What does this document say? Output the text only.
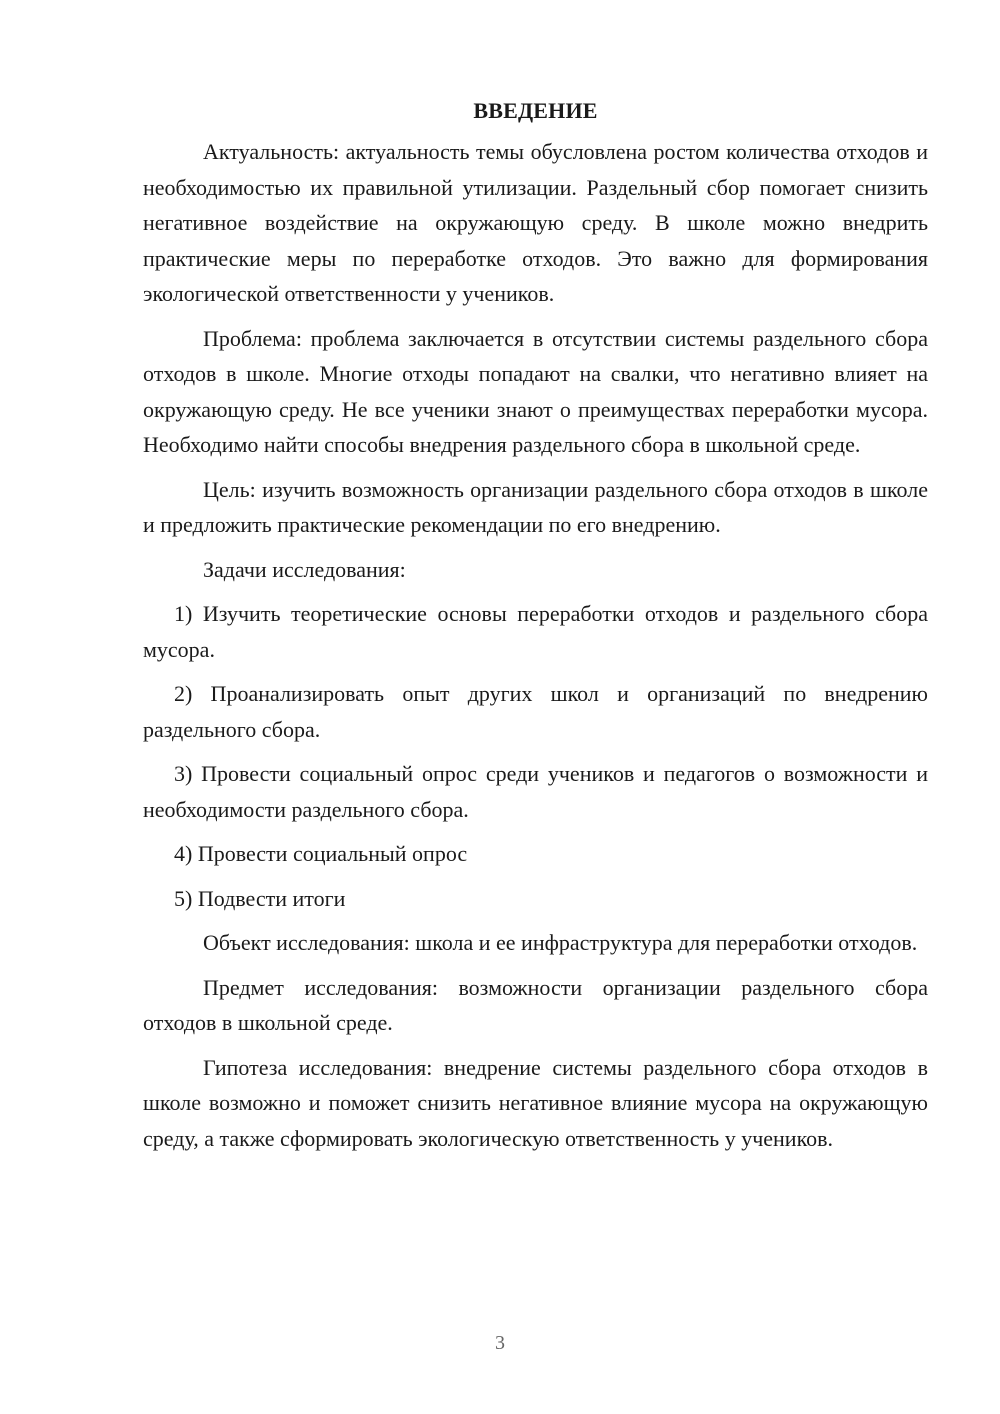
ВВЕДЕНИЕ

Актуальность: актуальность темы обусловлена ростом количества отходов и необходимостью их правильной утилизации. Раздельный сбор помогает снизить негативное воздействие на окружающую среду. В школе можно внедрить практические меры по переработке отходов. Это важно для формирования экологической ответственности у учеников.

Проблема: проблема заключается в отсутствии системы раздельного сбора отходов в школе. Многие отходы попадают на свалки, что негативно влияет на окружающую среду. Не все ученики знают о преимуществах переработки мусора. Необходимо найти способы внедрения раздельного сбора в школьной среде.

Цель: изучить возможность организации раздельного сбора отходов в школе и предложить практические рекомендации по его внедрению.

Задачи исследования:

1) Изучить теоретические основы переработки отходов и раздельного сбора мусора.

2) Проанализировать опыт других школ и организаций по внедрению раздельного сбора.

3) Провести социальный опрос среди учеников и педагогов о возможности и необходимости раздельного сбора.

4) Провести социальный опрос

5) Подвести итоги

Объект исследования: школа и ее инфраструктура для переработки отходов.

Предмет исследования: возможности организации раздельного сбора отходов в школьной среде.

Гипотеза исследования: внедрение системы раздельного сбора отходов в школе возможно и поможет снизить негативное влияние мусора на окружающую среду, а также сформировать экологическую ответственность у учеников.

3
